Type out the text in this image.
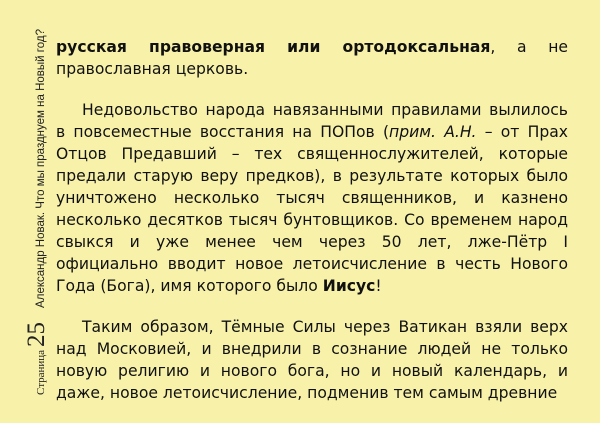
Страница
25
Александр Новак. Что мы празднуем на Новый год? русская правоверная или ортодоксальная, а не православная церковь.

Недовольство народа навязанными правилами вылилось в повсеместные восстания на ПОПов (прим. А.Н. – от Прах Отцов Предавший – тех священнослужителей, которые предали старую веру предков), в результате которых было уничтожено несколько тысяч священников, и казнено несколько десятков тысяч бунтовщиков. Со временем народ свыкся и уже менее чем через 50 лет, лже-Пётр I официально вводит новое летоисчисление в честь Нового Года (Бога), имя которого было Иисус!

Таким образом, Тёмные Силы через Ватикан взяли верх над Московией, и внедрили в сознание людей не только новую религию и нового бога, но и новый календарь, и даже, новое летоисчисление, подменив тем самым древние
